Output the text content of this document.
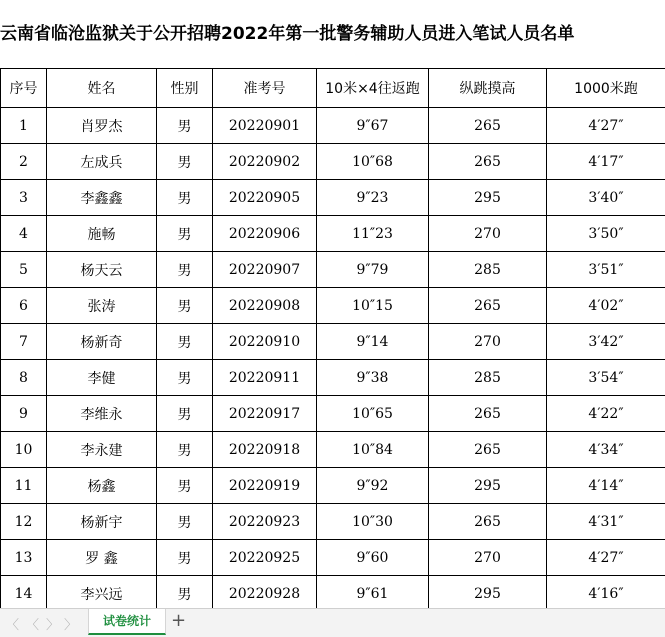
云南省临沧监狱关于公开招聘2022年第一批警务辅助人员进入笔试人员名单
序号	姓名	性别	准考号	10米×4往返跑	纵跳摸高	1000米跑
1	肖罗杰	男	20220901	9″67	265	4′27″
2	左成兵	男	20220902	10″68	265	4′17″
3	李鑫鑫	男	20220905	9″23	295	3′40″
4	施畅	男	20220906	11″23	270	3′50″
5	杨天云	男	20220907	9″79	285	3′51″
6	张涛	男	20220908	10″15	265	4′02″
7	杨新奇	男	20220910	9″14	270	3′42″
8	李健	男	20220911	9″38	285	3′54″
9	李维永	男	20220917	10″65	265	4′22″
10	李永建	男	20220918	10″84	265	4′34″
11	杨鑫	男	20220919	9″92	295	4′14″
12	杨新宇	男	20220923	10″30	265	4′31″
13	罗 鑫	男	20220925	9″60	270	4′27″
14	李兴远	男	20220928	9″61	295	4′16″
〈 〈 〉 〉	试卷统计	+
